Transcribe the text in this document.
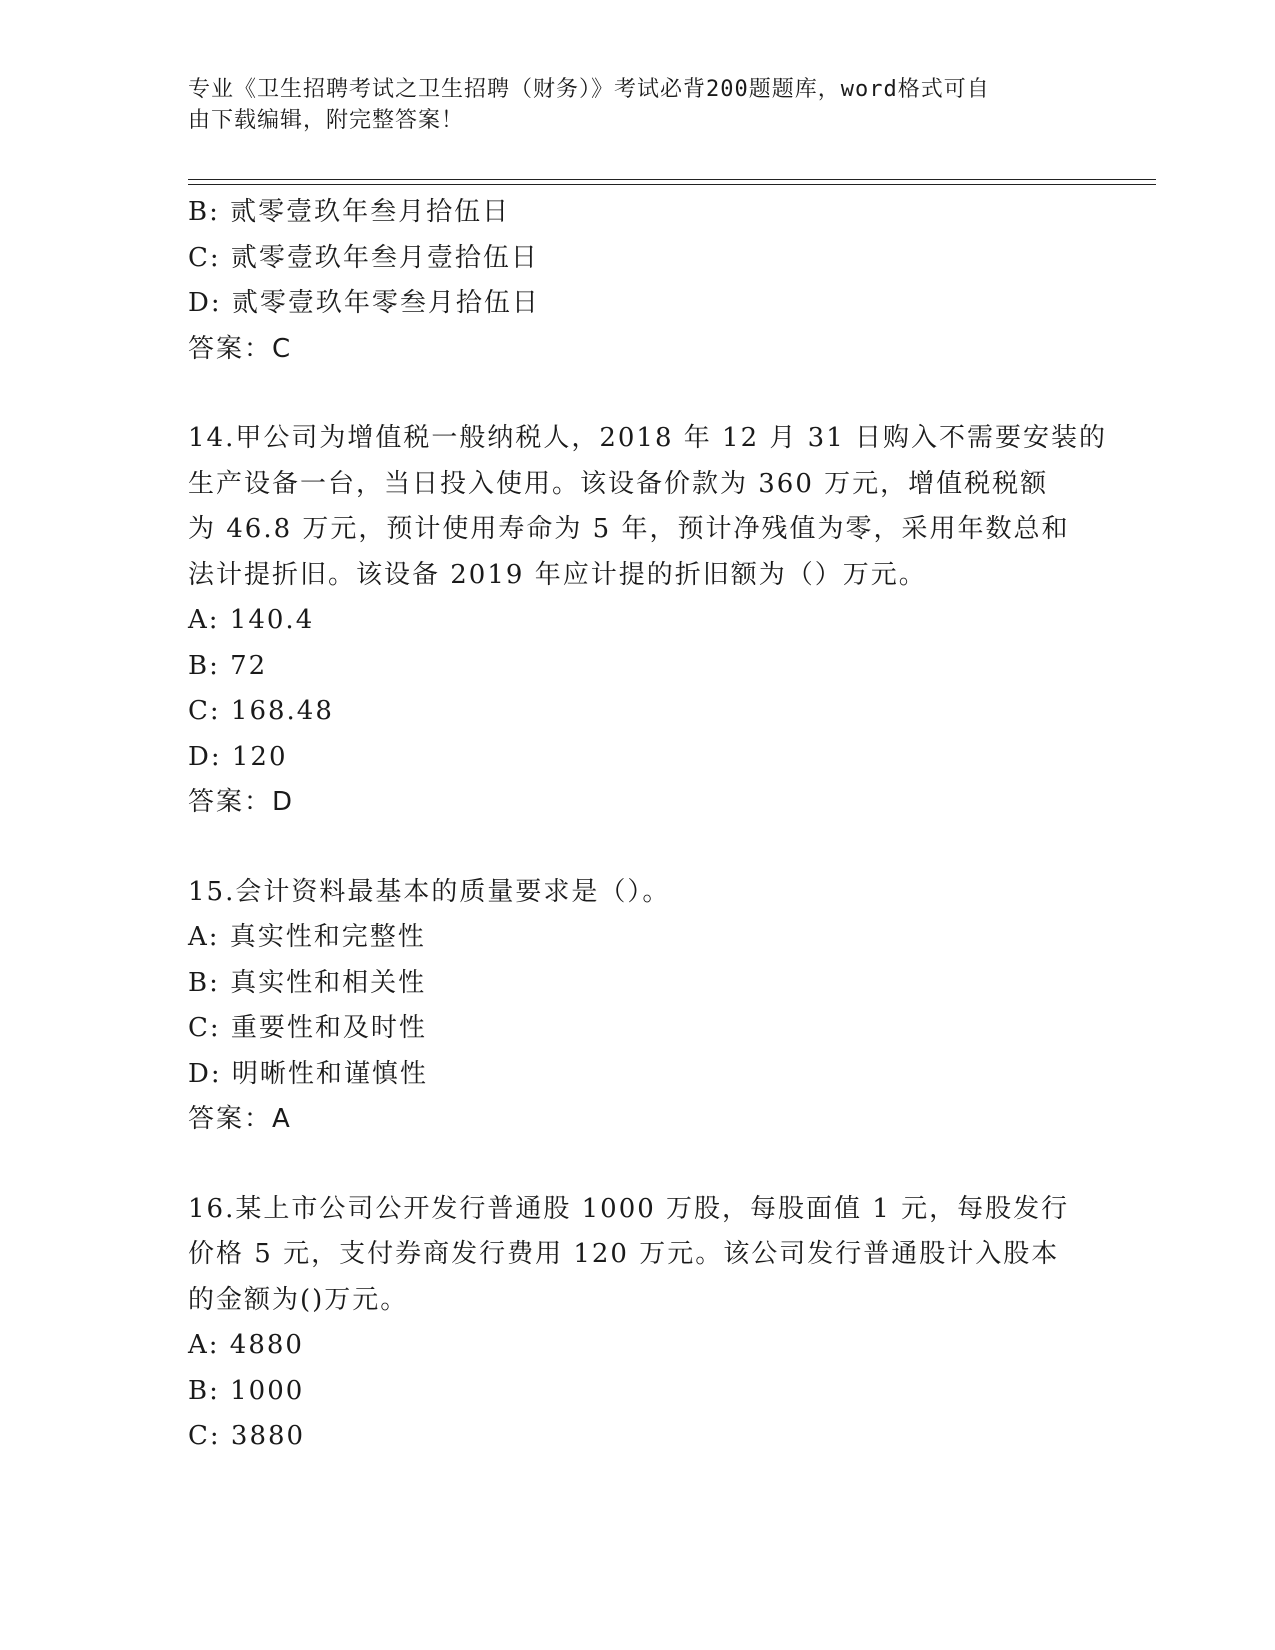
专业《卫生招聘考试之卫生招聘（财务）》考试必背200题题库，word格式可自
由下载编辑，附完整答案！
B: 贰零壹玖年叁月拾伍日
C: 贰零壹玖年叁月壹拾伍日
D: 贰零壹玖年零叁月拾伍日
答案：C
14.甲公司为增值税一般纳税人，2018 年 12 月 31 日购入不需要安装的
生产设备一台，当日投入使用。该设备价款为 360 万元，增值税税额
为 46.8 万元，预计使用寿命为 5 年，预计净残值为零，采用年数总和
法计提折旧。该设备 2019 年应计提的折旧额为（）万元。
A: 140.4
B: 72
C: 168.48
D: 120
答案：D
15.会计资料最基本的质量要求是（）。
A: 真实性和完整性
B: 真实性和相关性
C: 重要性和及时性
D: 明晰性和谨慎性
答案：A
16.某上市公司公开发行普通股 1000 万股，每股面值 1 元，每股发行
价格 5 元，支付券商发行费用 120 万元。该公司发行普通股计入股本
的金额为()万元。
A: 4880
B: 1000
C: 3880
